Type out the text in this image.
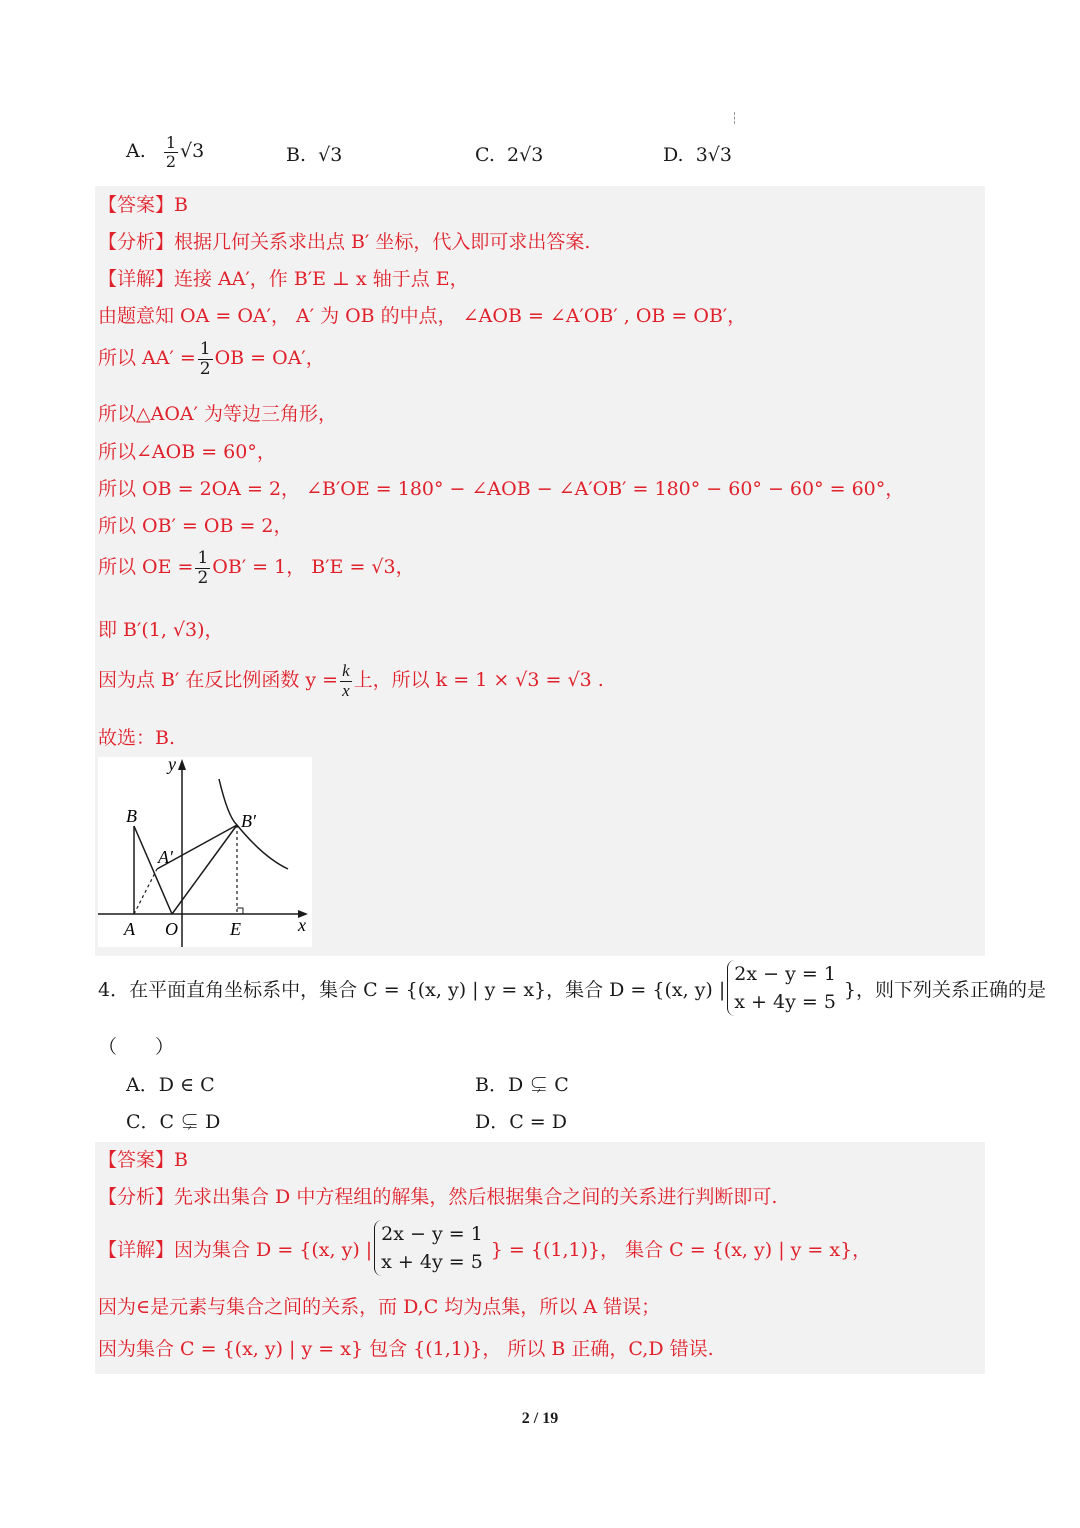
A. $\frac{1}{2} √3$	B. √3	C. 2√3	D. 3√3
【答案】B
【分析】根据几何关系求出点 B′ 坐标，代入即可求出答案.
【详解】连接 AA′，作 B′E ⊥ x 轴于点 E，
由题意知 OA = OA′， A′ 为 OB 的中点， ∠AOB = ∠A′OB′ , OB = OB′，
所以 $AA' = \frac{1}{2}$ OB = OA′，
所以△AOA′ 为等边三角形，
所以∠AOB = 60°，
所以 OB = 2OA = 2， ∠B′OE = 180° − ∠AOB − ∠A′OB′ = 180° − 60° − 60° = 60°，
所以 OB′ = OB = 2，
所以 OE = $\frac{1}{2} OB' = 1$， B′E = √3，
即 B′(1, √3)，
因为点 B′ 在反比例函数 $y = \frac{k}{x}$ 上，所以 k = 1 × √3 = √3 .
故选：B.
y
x
B	B′
A′
A O	E
4．在平面直角坐标系中，集合 C = {(x, y) | y = x}，集合 D = {(x, y) |
2x − y = 1
x + 4y = 5
}，则下列关系正确的是
（　　）
A．D ∈ C	B．D ⊊ C
C．C ⊊ D	D．C = D
【答案】B
【分析】先求出集合 D 中方程组的解集，然后根据集合之间的关系进行判断即可.
【详解】 因为集合 D = {(x, y) |
2x − y = 1
x + 4y = 5
} = {(1,1)}， 集合 C = {(x, y) | y = x}，
因为∈是元素与集合之间的关系，而 D,C 均为点集，所以 A 错误；
因为集合 C = {(x, y) | y = x} 包含 {(1,1)}， 所以 B 正确，C,D 错误.
2 / 19
